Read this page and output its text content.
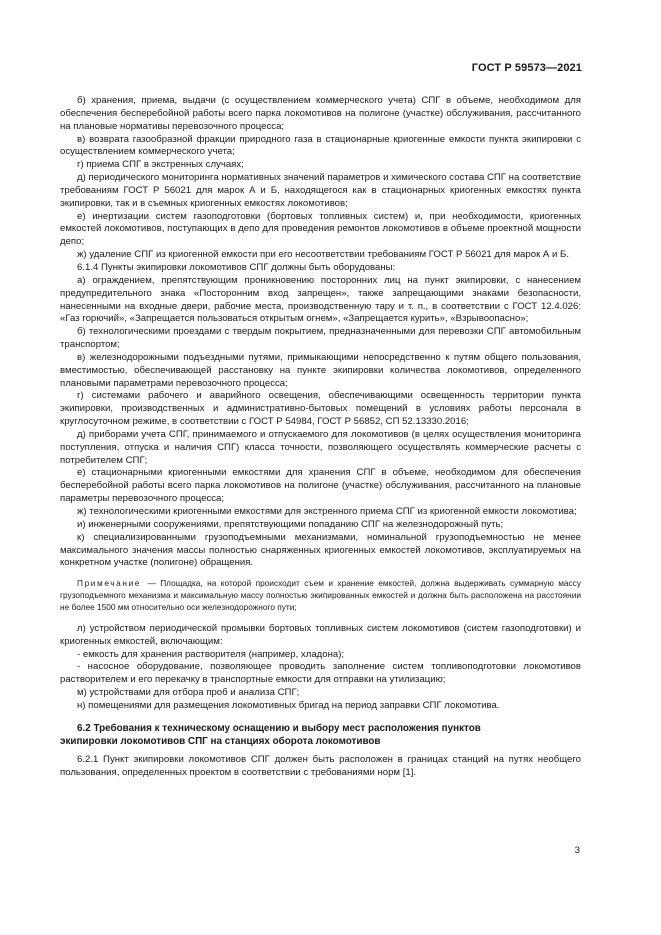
ГОСТ Р 59573—2021

б) хранения, приема, выдачи (с осуществлением коммерческого учета) СПГ в объеме, необходимом для обеспечения бесперебойной работы всего парка локомотивов на полигоне (участке) обслуживания, рассчитанного на плановые нормативы перевозочного процесса;

в) возврата газообразной фракции природного газа в стационарные криогенные емкости пункта экипировки с осуществлением коммерческого учета;

г) приема СПГ в экстренных случаях;

д) периодического мониторинга нормативных значений параметров и химического состава СПГ на соответствие требованиям ГОСТ Р 56021 для марок А и Б, находящегося как в стационарных криогенных емкостях пункта экипировки, так и в съемных криогенных емкостях локомотивов;

е) инертизации систем газоподготовки (бортовых топливных систем) и, при необходимости, криогенных емкостей локомотивов, поступающих в депо для проведения ремонтов локомотивов в объеме проектной мощности депо;

ж) удаление СПГ из криогенной емкости при его несоответствии требованиям ГОСТ Р 56021 для марок А и Б.

6.1.4 Пункты экипировки локомотивов СПГ должны быть оборудованы:

а) ограждением, препятствующим проникновению посторонних лиц на пункт экипировки, с нанесением предупредительного знака «Посторонним вход запрещен», также запрещающими знаками безопасности, нанесенными на входные двери, рабочие места, производственную тару и т. п., в соответствии с ГОСТ 12.4.026: «Газ горючий», «Запрещается пользоваться открытым огнем», «Запрещается курить», «Взрывоопасно»;

б) технологическими проездами с твердым покрытием, предназначенными для перевозки СПГ автомобильным транспортом;

в) железнодорожными подъездными путями, примыкающими непосредственно к путям общего пользования, вместимостью, обеспечивающей расстановку на пункте экипировки количества локомотивов, определенного плановыми параметрами перевозочного процесса;

г) системами рабочего и аварийного освещения, обеспечивающими освещенность территории пункта экипировки, производственных и административно-бытовых помещений в условиях работы персонала в круглосуточном режиме, в соответствии с ГОСТ Р 54984, ГОСТ Р 56852, СП 52.13330.2016;

д) приборами учета СПГ, принимаемого и отпускаемого для локомотивов (в целях осуществления мониторинга поступления, отпуска и наличия СПГ) класса точности, позволяющего осуществлять коммерческие расчеты с потребителем СПГ;

е) стационарными криогенными емкостями для хранения СПГ в объеме, необходимом для обеспечения бесперебойной работы всего парка локомотивов на полигоне (участке) обслуживания, рассчитанного на плановые параметры перевозочного процесса;

ж) технологическими криогенными емкостями для экстренного приема СПГ из криогенной емкости локомотива;

и) инженерными сооружениями, препятствующими попаданию СПГ на железнодорожный путь;

к) специализированными грузоподъемными механизмами, номинальной грузоподъемностью не менее максимального значения массы полностью снаряженных криогенных емкостей локомотивов, эксплуатируемых на конкретном участке (полигоне) обращения.

Примечание — Площадка, на которой происходит съем и хранение емкостей, должна выдерживать суммарную массу грузоподъемного механизма и максимальную массу полностью экипированных емкостей и должна быть расположена на расстоянии не более 1500 мм относительно оси железнодорожного пути;

л) устройством периодической промывки бортовых топливных систем локомотивов (систем газоподготовки) и криогенных емкостей, включающим:

- емкость для хранения растворителя (например, хладона);

- насосное оборудование, позволяющее проводить заполнение систем топливоподготовки локомотивов растворителем и его перекачку в транспортные емкости для отправки на утилизацию;

м) устройствами для отбора проб и анализа СПГ;

н) помещениями для размещения локомотивных бригад на период заправки СПГ локомотива.

6.2 Требования к техническому оснащению и выбору мест расположения пунктов
экипировки локомотивов СПГ на станциях оборота локомотивов

6.2.1 Пункт экипировки локомотивов СПГ должен быть расположен в границах станций на путях необщего пользования, определенных проектом в соответствии с требованиями норм [1].

3
